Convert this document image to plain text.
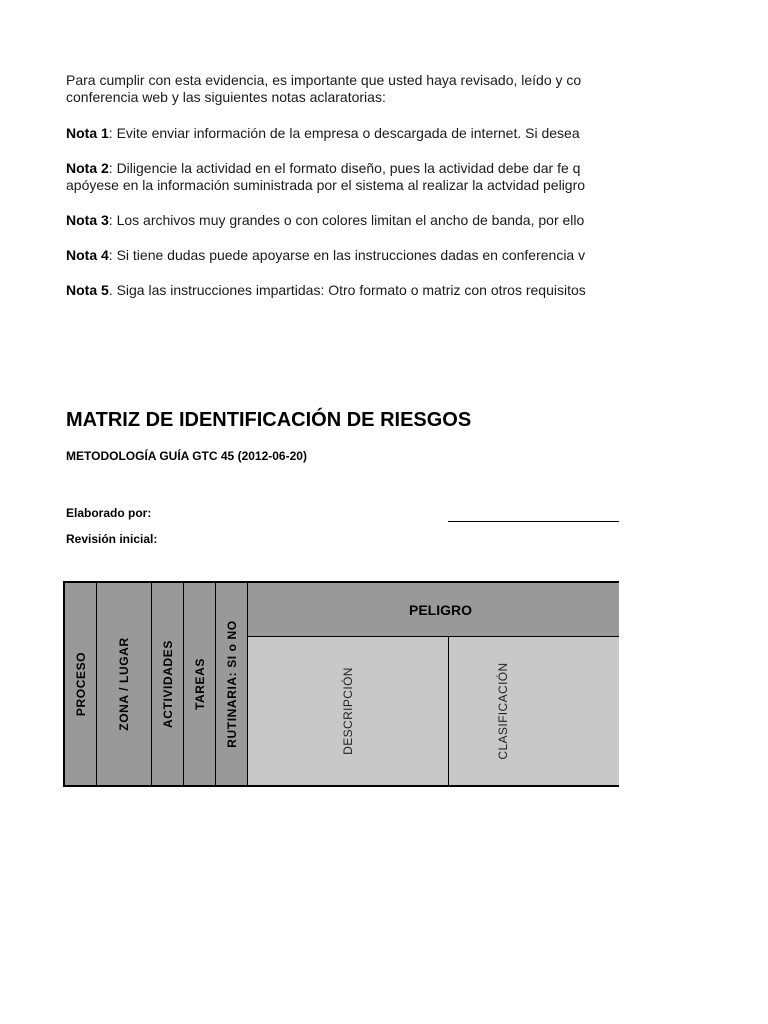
Para cumplir con esta evidencia, es importante que usted haya revisado, leído y co
conferencia web y las siguientes notas aclaratorias:
Nota 1: Evite enviar información de la empresa o descargada de internet. Si desea
Nota 2: Diligencie la actividad en el formato diseño, pues la actividad debe dar fe q
apóyese en la información suministrada por el sistema al realizar la actvidad peligro
Nota 3: Los archivos muy grandes o con colores limitan el ancho de banda, por ello
Nota 4: Si tiene dudas puede apoyarse en las instrucciones dadas en conferencia v
Nota 5. Siga las instrucciones impartidas: Otro formato o matriz con otros requisitos
MATRIZ DE IDENTIFICACIÓN DE RIESGOS
METODOLOGÍA GUÍA GTC 45 (2012-06-20)
Elaborado por:
Revisión inicial:
PROCESO ZONA / LUGAR ACTIVIDADES TAREAS RUTINARIA: SI o NO
PELIGRO
DESCRIPCIÓN	CLASIFICACIÓN
